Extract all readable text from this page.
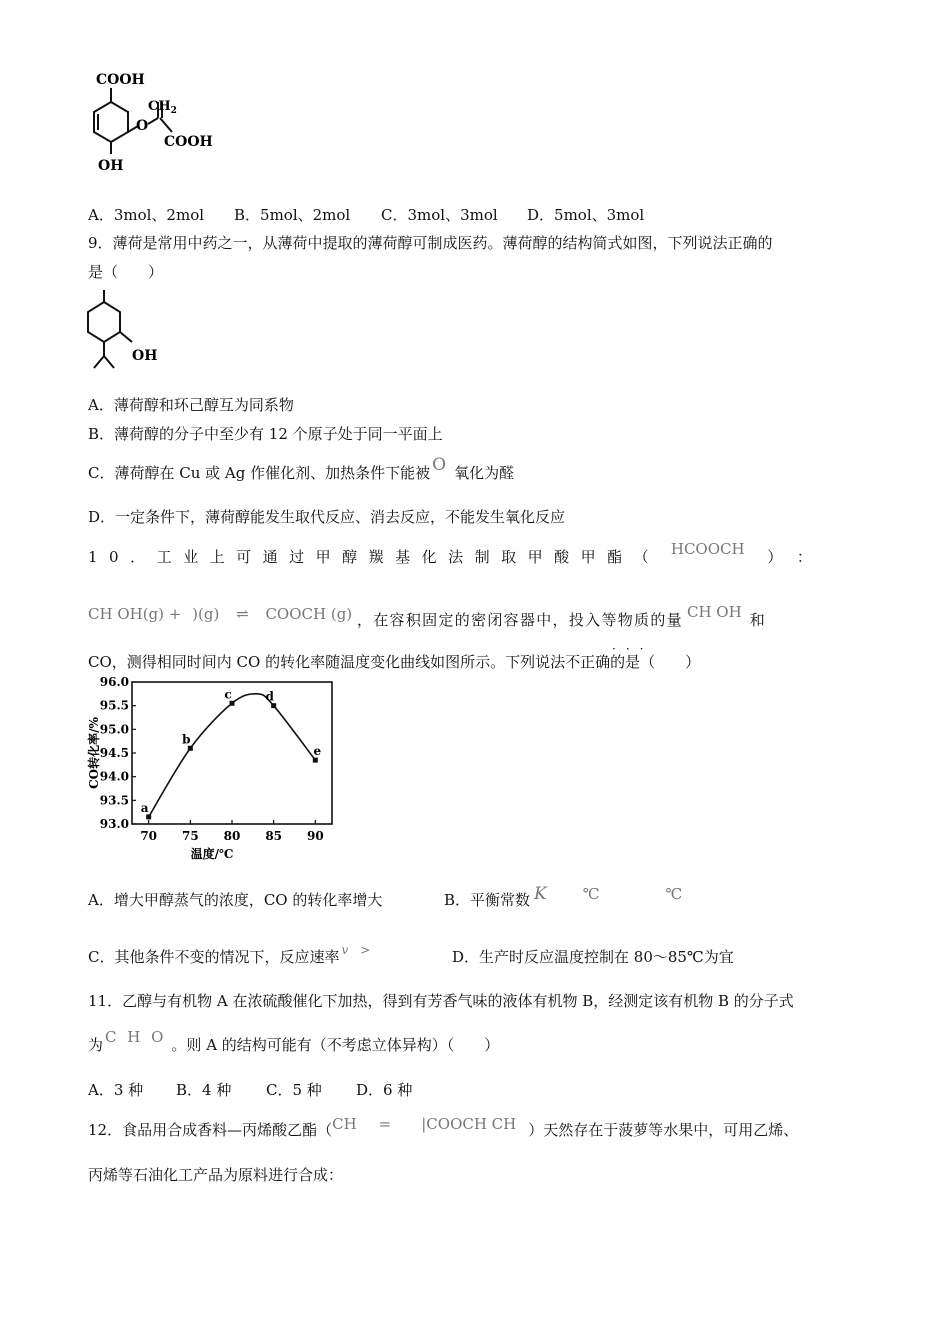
COOH
$CH_2$
O
COOH
OH
A．3mol、2mol B．5mol、2mol C．3mol、3mol D．5mol、3mol
9．薄荷是常用中药之一，从薄荷中提取的薄荷醇可制成医药。薄荷醇的结构简式如图，下列说法正确的
是（　　）
OH
A．薄荷醇和环己醇互为同系物
B．薄荷醇的分子中至少有 12 个原子处于同一平面上
C．薄荷醇在 Cu 或 Ag 作催化剂、加热条件下能被 O 氧化为醛
D．一定条件下，薄荷醇能发生取代反应、消去反应，不能发生氧化反应
10．工业上可通过甲醇羰基化法制取甲酸甲酯（ HCOOCH ）：
CH OH(g) + )(g) ⇌ COOCH (g) ，在容积固定的密闭容器中，投入等物质的量 CH OH 和
CO，测得相同时间内 CO 的转化率随温度变化曲线如图所示。下列说法不正确的是（　　）
···
93.0
93.5
94.0
94.5
95.0
95.5
96.0
70 75 80 85 90
a
b
c	d
e
温度/℃
CO转化率/%
A．增大甲醇蒸气的浓度，CO 的转化率增大	B．平衡常数 K ℃	℃
C．其他条件不变的情况下，反应速率 $^v$ >	D．生产时反应温度控制在 80～85℃为宜
11．乙醇与有机物 A 在浓硫酸催化下加热，得到有芳香气味的液体有机物 B，经测定该有机物 B 的分子式
为 C H O 。则 A 的结构可能有（不考虑立体异构）（　　）
A．3 种 B．4 种 C．5 种 D．6 种
12．食品用合成香料—丙烯酸乙酯（CH = |COOCH CH ）天然存在于菠萝等水果中，可用乙烯、
丙烯等石油化工产品为原料进行合成：
